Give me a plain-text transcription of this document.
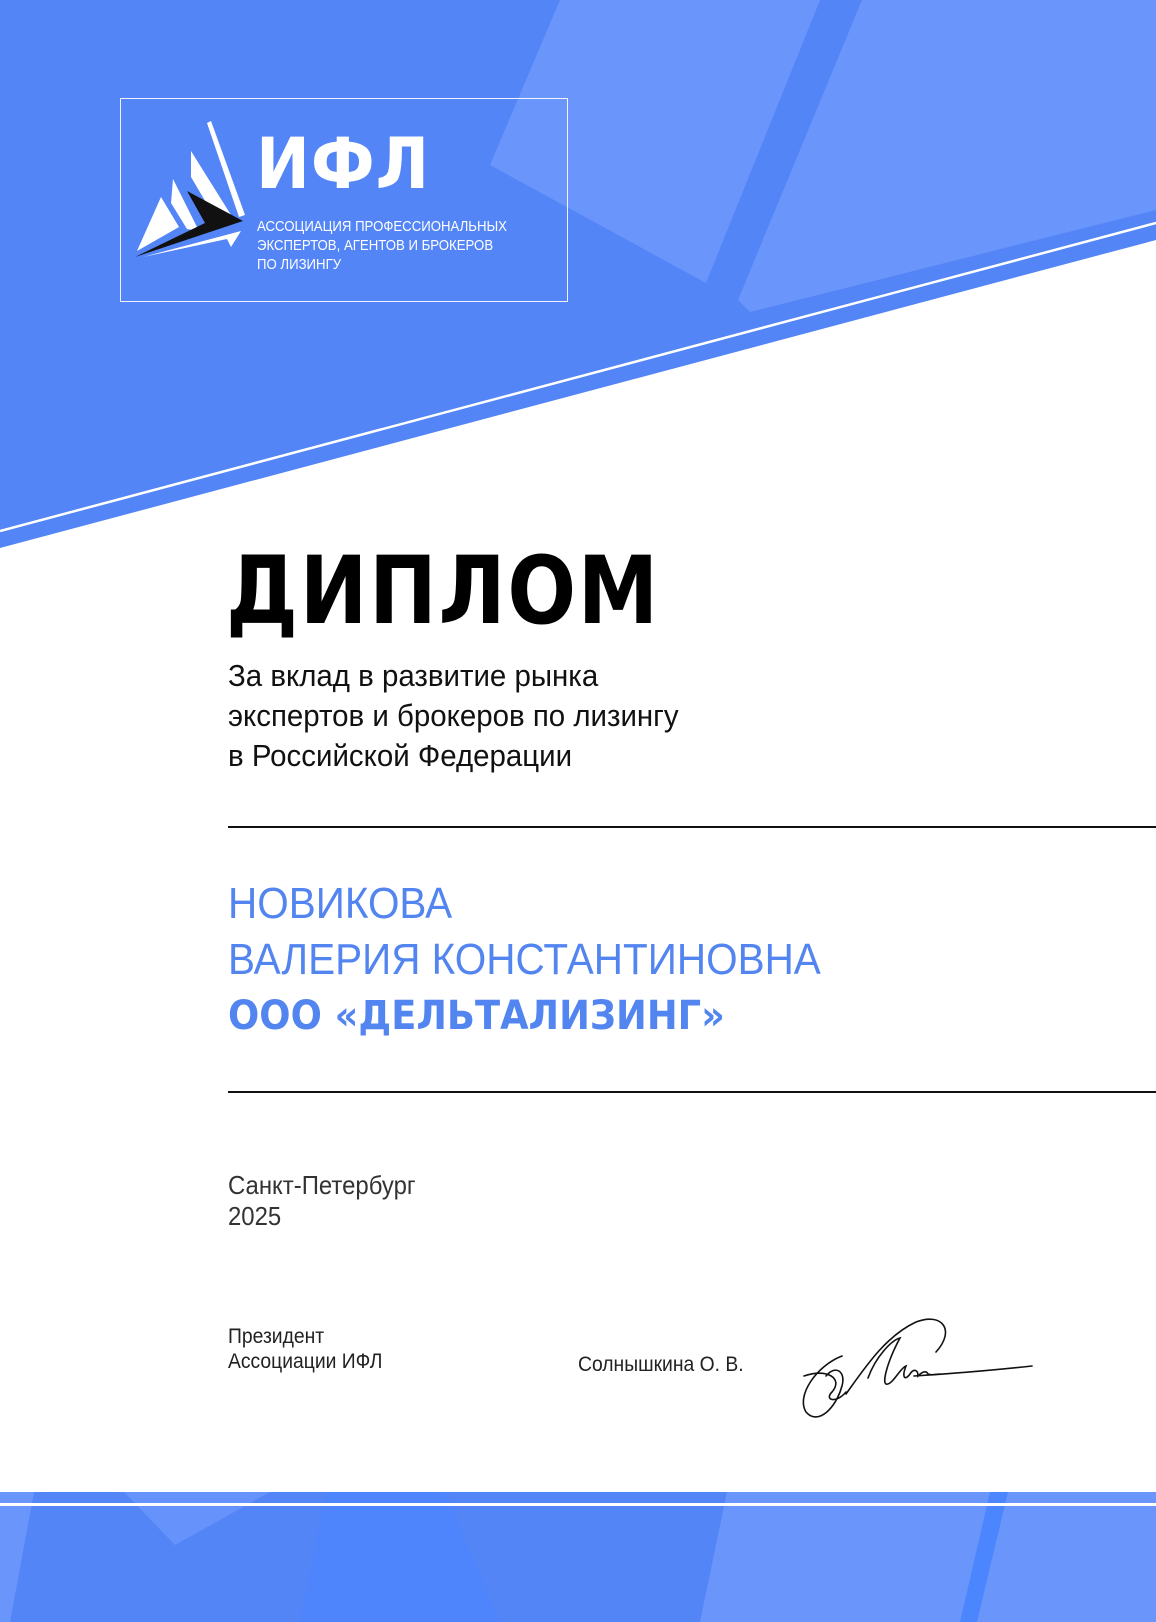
ИФЛ
АССОЦИАЦИЯ ПРОФЕССИОНАЛЬНЫХ
ЭКСПЕРТОВ, АГЕНТОВ И БРОКЕРОВ
ПО ЛИЗИНГУ
ДИПЛОМ
За вклад в развитие рынка
экспертов и брокеров по лизингу
в Российской Федерации
НОВИКОВА
ВАЛЕРИЯ КОНСТАНТИНОВНА
ООО «ДЕЛЬТАЛИЗИНГ»
Санкт-Петербург
2025
Президент
Ассоциации ИФЛ	Солнышкина О. В.
